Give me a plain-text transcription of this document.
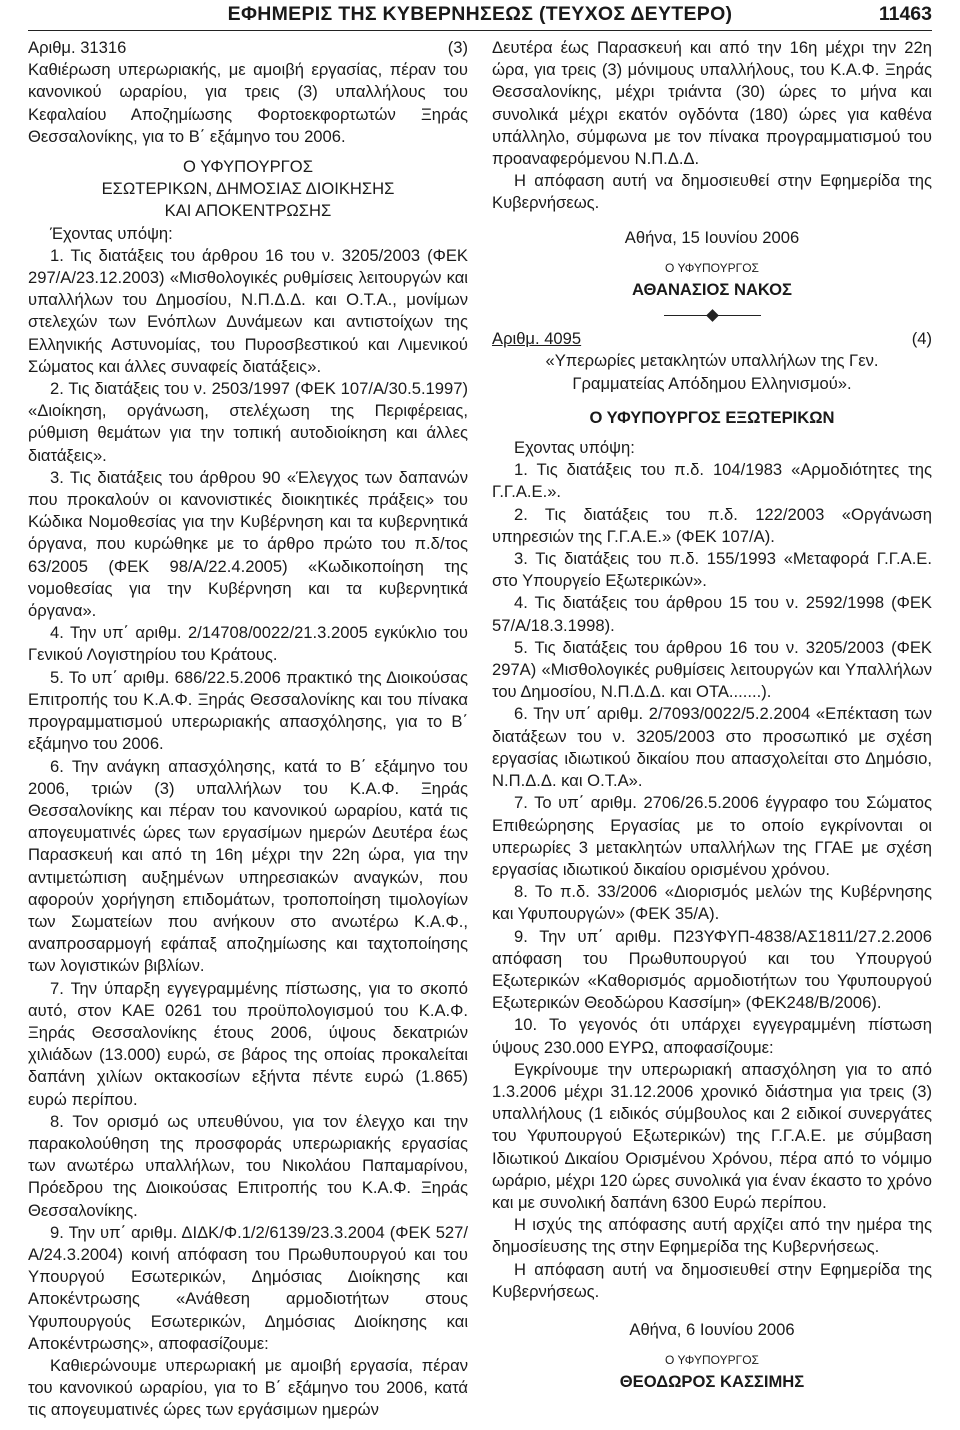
ΕΦΗΜΕΡΙΣ ΤΗΣ ΚΥΒΕΡΝΗΣΕΩΣ (ΤΕΥΧΟΣ ΔΕΥΤΕΡΟ)	11463
Αριθμ. 31316	(3)

Καθιέρωση υπερωριακής, με αμοιβή εργασίας, πέραν του κανονικού ωραρίου, για τρεις (3) υπαλλήλους του Κεφαλαίου Αποζημίωσης Φορτοεκφορτωτών Ξηράς Θεσσαλονίκης, για το Β΄ εξάμηνο του 2006.

Ο ΥΦΥΠΟΥΡΓΟΣ

ΕΣΩΤΕΡΙΚΩΝ, ΔΗΜΟΣΙΑΣ ΔΙΟΙΚΗΣΗΣ

ΚΑΙ ΑΠΟΚΕΝΤΡΩΣΗΣ

Έχοντας υπόψη:

1. Τις διατάξεις του άρθρου 16 του ν. 3205/2003 (ΦΕΚ 297/Α/23.12.2003) «Μισθολογικές ρυθμίσεις λειτουργών και υπαλλήλων του Δημοσίου, Ν.Π.Δ.Δ. και Ο.Τ.Α., μονίμων στελεχών των Ενόπλων Δυνάμεων και αντιστοίχων της Ελληνικής Αστυνομίας, του Πυροσβεστικού και Λιμενικού Σώματος και άλλες συναφείς διατάξεις».

2. Τις διατάξεις του ν. 2503/1997 (ΦΕΚ 107/Α/30.5.1997) «Διοίκηση, οργάνωση, στελέχωση της Περιφέρειας, ρύθμιση θεμάτων για την τοπική αυτοδιοίκηση και άλλες διατάξεις».

3. Τις διατάξεις του άρθρου 90 «Έλεγχος των δαπανών που προκαλούν οι κανονιστικές διοικητικές πράξεις» του Κώδικα Νομοθεσίας για την Κυβέρνηση και τα κυβερνητικά όργανα, που κυρώθηκε με το άρθρο πρώτο του π.δ/τος 63/2005 (ΦΕΚ 98/Α/22.4.2005) «Κωδικοποίηση της νομοθεσίας για την Κυβέρνηση και τα κυβερνητικά όργανα».

4. Την υπ΄ αριθμ. 2/14708/0022/21.3.2005 εγκύκλιο του Γενικού Λογιστηρίου του Κράτους.

5. Το υπ΄ αριθμ. 686/22.5.2006 πρακτικό της Διοικούσας Επιτροπής του Κ.Α.Φ. Ξηράς Θεσσαλονίκης και του πίνακα προγραμματισμού υπερωριακής απασχόλησης, για το Β΄ εξάμηνο του 2006.

6. Την ανάγκη απασχόλησης, κατά το Β΄ εξάμηνο του 2006, τριών (3) υπαλλήλων του Κ.Α.Φ. Ξηράς Θεσσαλονίκης και πέραν του κανονικού ωραρίου, κατά τις απογευματινές ώρες των εργασίμων ημερών Δευτέρα έως Παρασκευή και από τη 16η μέχρι την 22η ώρα, για την αντιμετώπιση αυξημένων υπηρεσιακών αναγκών, που αφορούν χορήγηση επιδομάτων, τροποποίηση τιμολογίων των Σωματείων που ανήκουν στο ανωτέρω Κ.Α.Φ., αναπροσαρμογή εφάπαξ αποζημίωσης και ταχτοποίησης των λογιστικών βιβλίων.

7. Την ύπαρξη εγγεγραμμένης πίστωσης, για το σκοπό αυτό, στον ΚΑΕ 0261 του προϋπολογισμού του Κ.Α.Φ. Ξηράς Θεσσαλονίκης έτους 2006, ύψους δεκατριών χιλιάδων (13.000) ευρώ, σε βάρος της οποίας προκαλείται δαπάνη χιλίων οκτακοσίων εξήντα πέντε ευρώ (1.865) ευρώ περίπου.

8. Τον ορισμό ως υπευθύνου, για τον έλεγχο και την παρακολούθηση της προσφοράς υπερωριακής εργασίας των ανωτέρω υπαλλήλων, του Νικολάου Παπαμαρίνου, Πρόεδρου της Διοικούσας Επιτροπής του Κ.Α.Φ. Ξηράς Θεσσαλονίκης.

9. Την υπ΄ αριθμ. ΔΙΔΚ/Φ.1/2/6139/23.3.2004 (ΦΕΚ 527/Α/24.3.2004) κοινή απόφαση του Πρωθυπουργού και του Υπουργού Εσωτερικών, Δημόσιας Διοίκησης και Αποκέντρωσης «Ανάθεση αρμοδιοτήτων στους Υφυπουργούς Εσωτερικών, Δημόσιας Διοίκησης και Αποκέντρωσης», αποφασίζουμε:

Καθιερώνουμε υπερωριακή με αμοιβή εργασία, πέραν του κανονικού ωραρίου, για το Β΄ εξάμηνο του 2006, κατά τις απογευματινές ώρες των εργάσιμων ημερών

Δευτέρα έως Παρασκευή και από την 16η μέχρι την 22η ώρα, για τρεις (3) μόνιμους υπαλλήλους, του Κ.Α.Φ. Ξηράς Θεσσαλονίκης, μέχρι τριάντα (30) ώρες το μήνα και συνολικά μέχρι εκατόν ογδόντα (180) ώρες για καθένα υπάλληλο, σύμφωνα με τον πίνακα προγραμματισμού του προαναφερόμενου Ν.Π.Δ.Δ.

Η απόφαση αυτή να δημοσιευθεί στην Εφημερίδα της Κυβερνήσεως.

Αθήνα, 15 Ιουνίου 2006

Ο ΥΦΥΠΟΥΡΓΟΣ

ΑΘΑΝΑΣΙΟΣ ΝΑΚΟΣ

Αριθμ. 4095	(4)

«Υπερωρίες μετακλητών υπαλλήλων της Γεν. Γραμματείας Απόδημου Ελληνισμού».

Ο ΥΦΥΠΟΥΡΓΟΣ ΕΞΩΤΕΡΙΚΩΝ

Εχοντας υπόψη:

1. Τις διατάξεις του π.δ. 104/1983 «Αρμοδιότητες της Γ.Γ.Α.Ε.».

2. Τις διατάξεις του π.δ. 122/2003 «Οργάνωση υπηρεσιών της Γ.Γ.Α.Ε.» (ΦΕΚ 107/Α).

3. Τις διατάξεις του π.δ. 155/1993 «Μεταφορά Γ.Γ.Α.Ε. στο Υπουργείο Εξωτερικών».

4. Τις διατάξεις του άρθρου 15 του ν. 2592/1998 (ΦΕΚ 57/Α/18.3.1998).

5. Τις διατάξεις του άρθρου 16 του ν. 3205/2003 (ΦΕΚ 297Α) «Μισθολογικές ρυθμίσεις λειτουργών και Υπαλλήλων του Δημοσίου, Ν.Π.Δ.Δ. και ΟΤΑ.......).

6. Την υπ΄ αριθμ. 2/7093/0022/5.2.2004 «Επέκταση των διατάξεων του ν. 3205/2003 στο προσωπικό με σχέση εργασίας ιδιωτικού δικαίου που απασχολείται στο Δημόσιο, Ν.Π.Δ.Δ. και Ο.Τ.Α».

7. Το υπ΄ αριθμ. 2706/26.5.2006 έγγραφο του Σώματος Επιθεώρησης Εργασίας με το οποίο εγκρίνονται οι υπερωρίες 3 μετακλητών υπαλλήλων της ΓΓΑΕ με σχέση εργασίας ιδιωτικού δικαίου ορισμένου χρόνου.

8. Το π.δ. 33/2006 «Διορισμός μελών της Κυβέρνησης και Υφυπουργών» (ΦΕΚ 35/Α).

9. Την υπ΄ αριθμ. Π23ΥΦΥΠ-4838/ΑΣ1811/27.2.2006 απόφαση του Πρωθυπουργού και του Υπουργού Εξωτερικών «Καθορισμός αρμοδιοτήτων του Υφυπουργού Εξωτερικών Θεοδώρου Κασσίμη» (ΦΕΚ248/Β/2006).

10. Το γεγονός ότι υπάρχει εγγεγραμμένη πίστωση ύψους 230.000 ΕΥΡΩ, αποφασίζουμε:

Εγκρίνουμε την υπερωριακή απασχόληση για το από 1.3.2006 μέχρι 31.12.2006 χρονικό διάστημα για τρεις (3) υπαλλήλους (1 ειδικός σύμβουλος και 2 ειδικοί συνεργάτες του Υφυπουργού Εξωτερικών) της Γ.Γ.Α.Ε. με σύμβαση Ιδιωτικού Δικαίου Ορισμένου Χρόνου, πέρα από το νόμιμο ωράριο, μέχρι 120 ώρες συνολικά για έναν έκαστο το χρόνο και με συνολική δαπάνη 6300 Ευρώ περίπου.

Η ισχύς της απόφασης αυτή αρχίζει από την ημέρα της δημοσίευσης της στην Εφημερίδα της Κυβερνήσεως.

Η απόφαση αυτή να δημοσιευθεί στην Εφημερίδα της Κυβερνήσεως.

Αθήνα, 6 Ιουνίου 2006

Ο ΥΦΥΠΟΥΡΓΟΣ

ΘΕΟΔΩΡΟΣ ΚΑΣΣΙΜΗΣ
